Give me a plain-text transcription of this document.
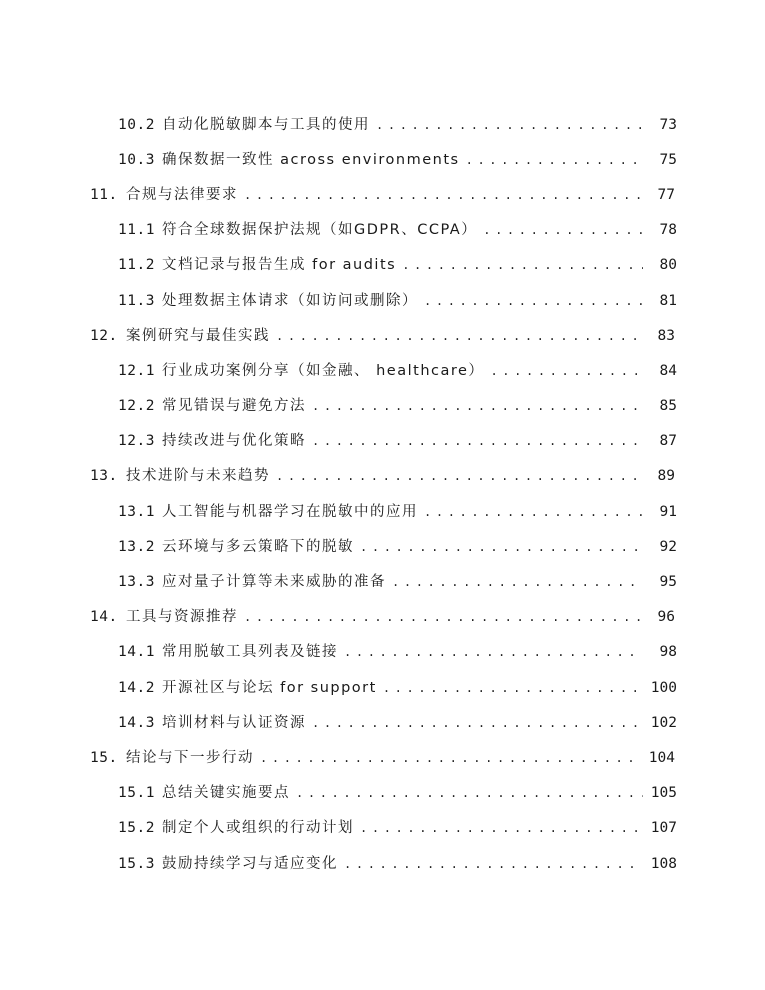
10.2 自动化脱敏脚本与工具的使用 . . .	73
10.3 确保数据一致性 across environments . . .	75
11. 合规与法律要求 . . .	77
11.1 符合全球数据保护法规（如GDPR、CCPA） . . .	78
11.2 文档记录与报告生成 for audits . . .	80
11.3 处理数据主体请求（如访问或删除） . . .	81
12. 案例研究与最佳实践 . . .	83
12.1 行业成功案例分享（如金融、 healthcare） . . .	84
12.2 常见错误与避免方法 . . .	85
12.3 持续改进与优化策略 . . .	87
13. 技术进阶与未来趋势 . . .	89
13.1 人工智能与机器学习在脱敏中的应用 . . .	91
13.2 云环境与多云策略下的脱敏 . . .	92
13.3 应对量子计算等未来威胁的准备 . . .	95
14. 工具与资源推荐 . . .	96
14.1 常用脱敏工具列表及链接 . . .	98
14.2 开源社区与论坛 for support . . .	100
14.3 培训材料与认证资源 . . .	102
15. 结论与下一步行动 . . .	104
15.1 总结关键实施要点 . . .	105
15.2 制定个人或组织的行动计划 . . .	107
15.3 鼓励持续学习与适应变化 . . .	108
